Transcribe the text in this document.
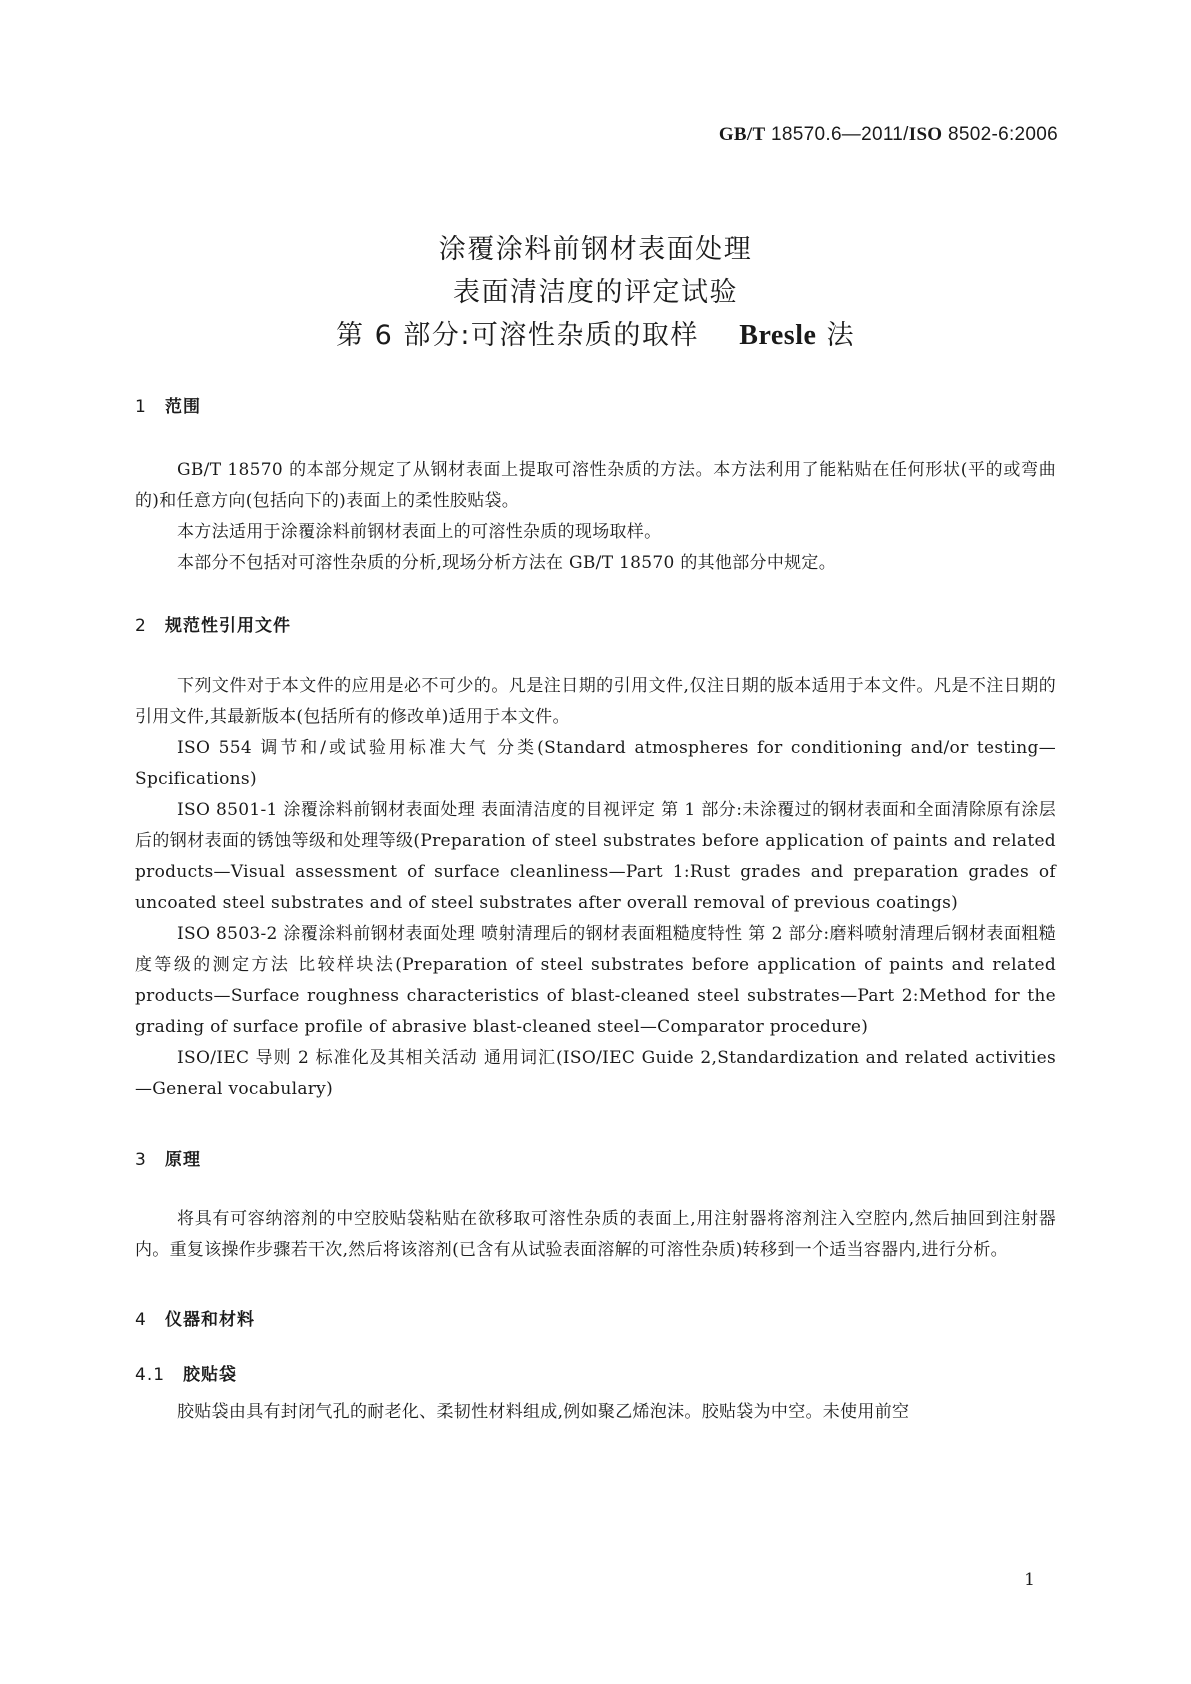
GB/T 18570.6—2011/ISO 8502-6:2006
涂覆涂料前钢材表面处理
表面清洁度的评定试验
第 6 部分:可溶性杂质的取样 Bresle 法
1 范围

GB/T 18570 的本部分规定了从钢材表面上提取可溶性杂质的方法。本方法利用了能粘贴在任何形状(平的或弯曲的)和任意方向(包括向下的)表面上的柔性胶贴袋。

本方法适用于涂覆涂料前钢材表面上的可溶性杂质的现场取样。

本部分不包括对可溶性杂质的分析,现场分析方法在 GB/T 18570 的其他部分中规定。

2 规范性引用文件

下列文件对于本文件的应用是必不可少的。凡是注日期的引用文件,仅注日期的版本适用于本文件。凡是不注日期的引用文件,其最新版本(包括所有的修改单)适用于本文件。

ISO 554 调节和/或试验用标准大气 分类(Standard atmospheres for conditioning and/or testing—Spcifications)

ISO 8501-1 涂覆涂料前钢材表面处理 表面清洁度的目视评定 第 1 部分:未涂覆过的钢材表面和全面清除原有涂层后的钢材表面的锈蚀等级和处理等级(Preparation of steel substrates before application of paints and related products—Visual assessment of surface cleanliness—Part 1:Rust grades and preparation grades of uncoated steel substrates and of steel substrates after overall removal of previous coatings)

ISO 8503-2 涂覆涂料前钢材表面处理 喷射清理后的钢材表面粗糙度特性 第 2 部分:磨料喷射清理后钢材表面粗糙度等级的测定方法 比较样块法(Preparation of steel substrates before application of paints and related products—Surface roughness characteristics of blast-cleaned steel substrates—Part 2:Method for the grading of surface profile of abrasive blast-cleaned steel—Comparator procedure)

ISO/IEC 导则 2 标准化及其相关活动 通用词汇(ISO/IEC Guide 2,Standardization and related activities—General vocabulary)

3 原理

将具有可容纳溶剂的中空胶贴袋粘贴在欲移取可溶性杂质的表面上,用注射器将溶剂注入空腔内,然后抽回到注射器内。重复该操作步骤若干次,然后将该溶剂(已含有从试验表面溶解的可溶性杂质)转移到一个适当容器内,进行分析。

4 仪器和材料
4.1 胶贴袋

胶贴袋由具有封闭气孔的耐老化、柔韧性材料组成,例如聚乙烯泡沫。胶贴袋为中空。未使用前空

1
